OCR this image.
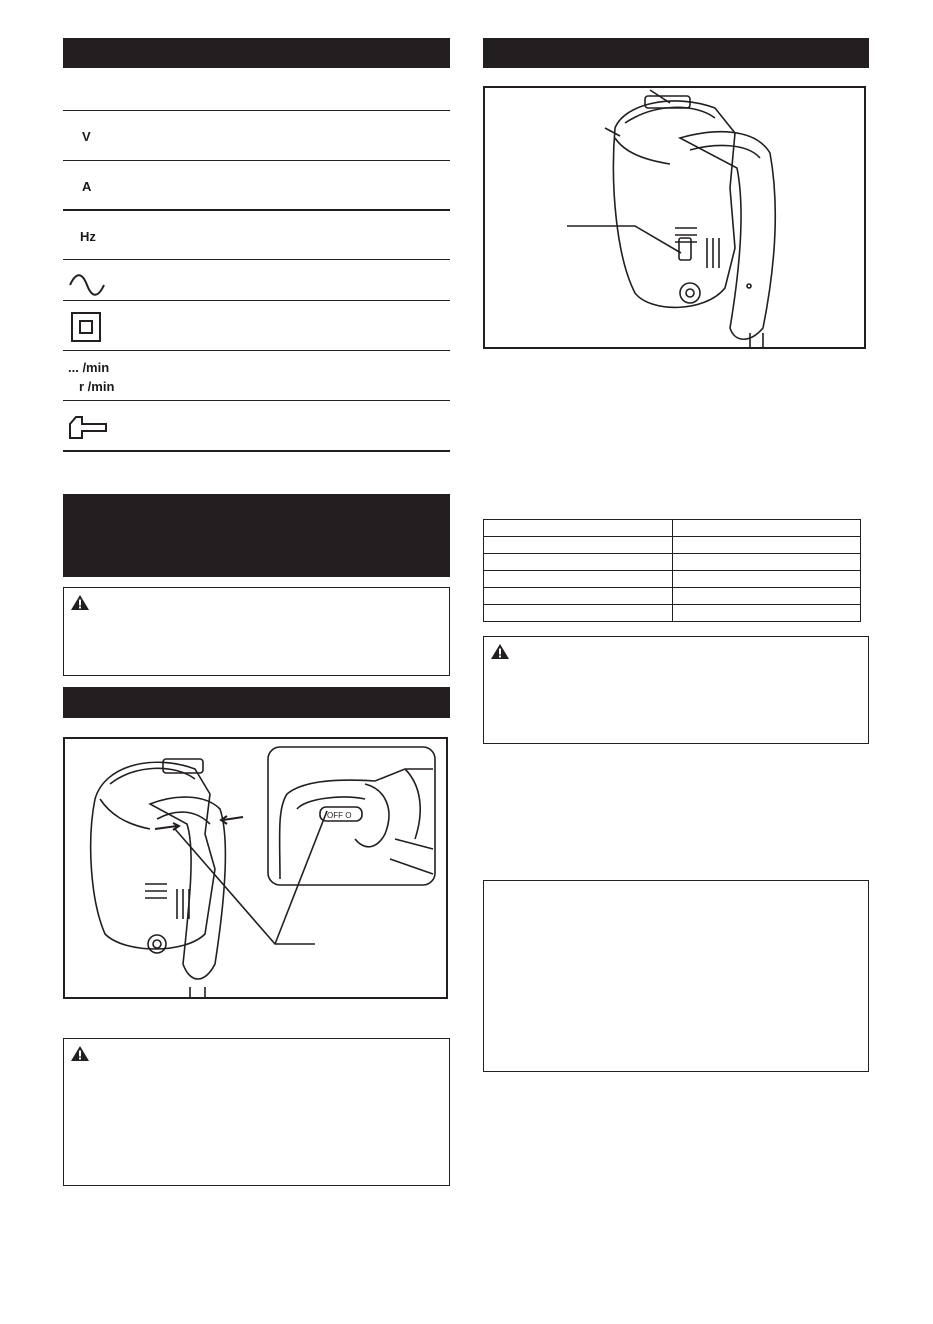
V
A
Hz
... /min
r /min
OFF O
